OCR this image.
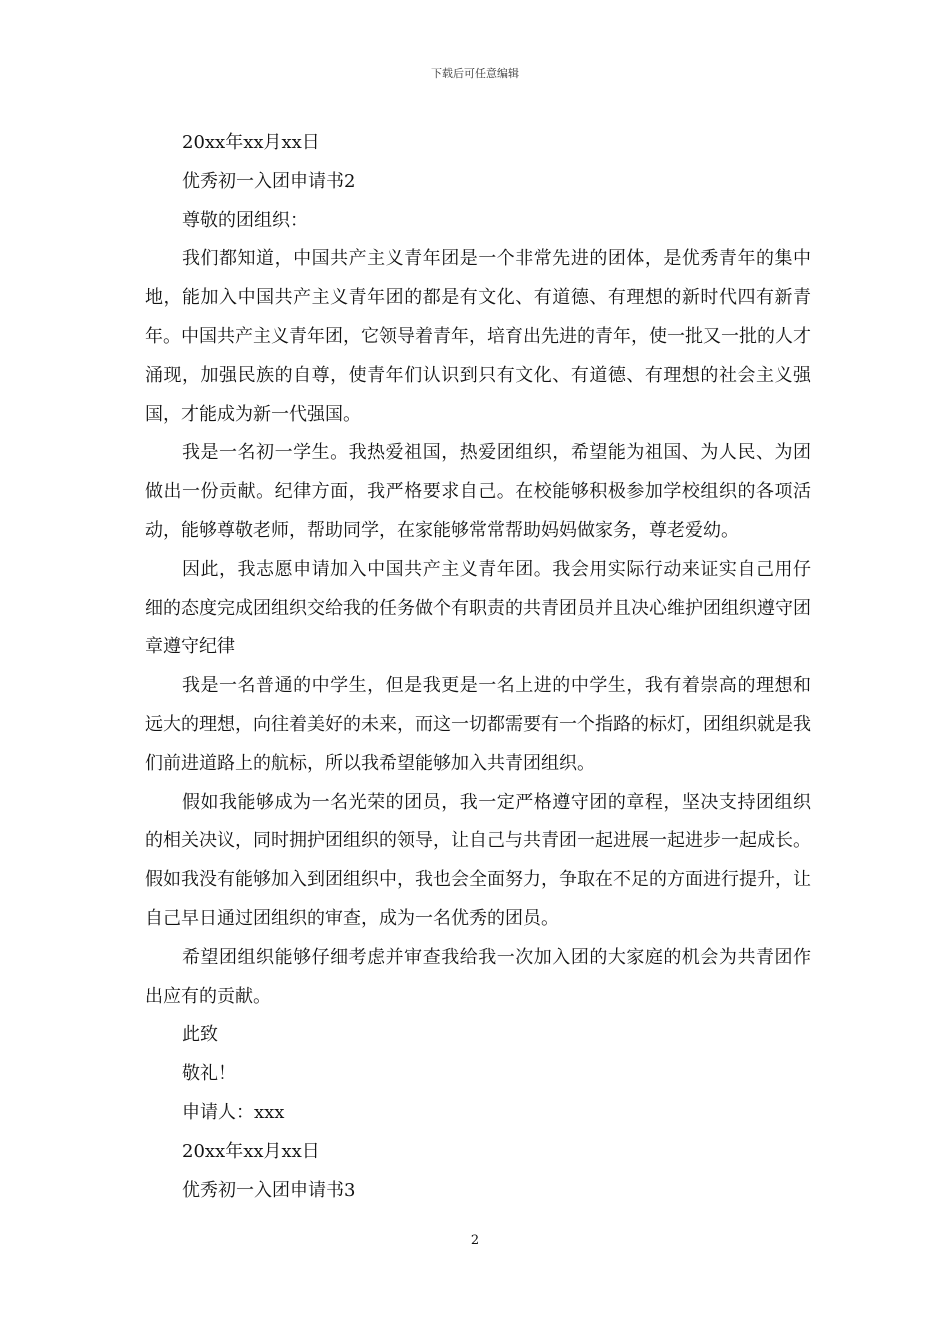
下载后可任意编辑
20xx年xx月xx日
优秀初一入团申请书2
尊敬的团组织：

我们都知道，中国共产主义青年团是一个非常先进的团体，是优秀青年的集中地，能加入中国共产主义青年团的都是有文化、有道德、有理想的新时代四有新青年。中国共产主义青年团，它领导着青年，培育出先进的青年，使一批又一批的人才涌现，加强民族的自尊，使青年们认识到只有文化、有道德、有理想的社会主义强国，才能成为新一代强国。

我是一名初一学生。我热爱祖国，热爱团组织，希望能为祖国、为人民、为团做出一份贡献。纪律方面，我严格要求自己。在校能够积极参加学校组织的各项活动，能够尊敬老师，帮助同学，在家能够常常帮助妈妈做家务，尊老爱幼。

因此，我志愿申请加入中国共产主义青年团。我会用实际行动来证实自己用仔细的态度完成团组织交给我的任务做个有职责的共青团员并且决心维护团组织遵守团章遵守纪律

我是一名普通的中学生，但是我更是一名上进的中学生，我有着崇高的理想和远大的理想，向往着美好的未来，而这一切都需要有一个指路的标灯，团组织就是我们前进道路上的航标，所以我希望能够加入共青团组织。

假如我能够成为一名光荣的团员，我一定严格遵守团的章程，坚决支持团组织的相关决议，同时拥护团组织的领导，让自己与共青团一起进展一起进步一起成长。假如我没有能够加入到团组织中，我也会全面努力，争取在不足的方面进行提升，让自己早日通过团组织的审查，成为一名优秀的团员。

希望团组织能够仔细考虑并审查我给我一次加入团的大家庭的机会为共青团作出应有的贡献。

此致
敬礼！
申请人：xxx
20xx年xx月xx日
优秀初一入团申请书3
2
